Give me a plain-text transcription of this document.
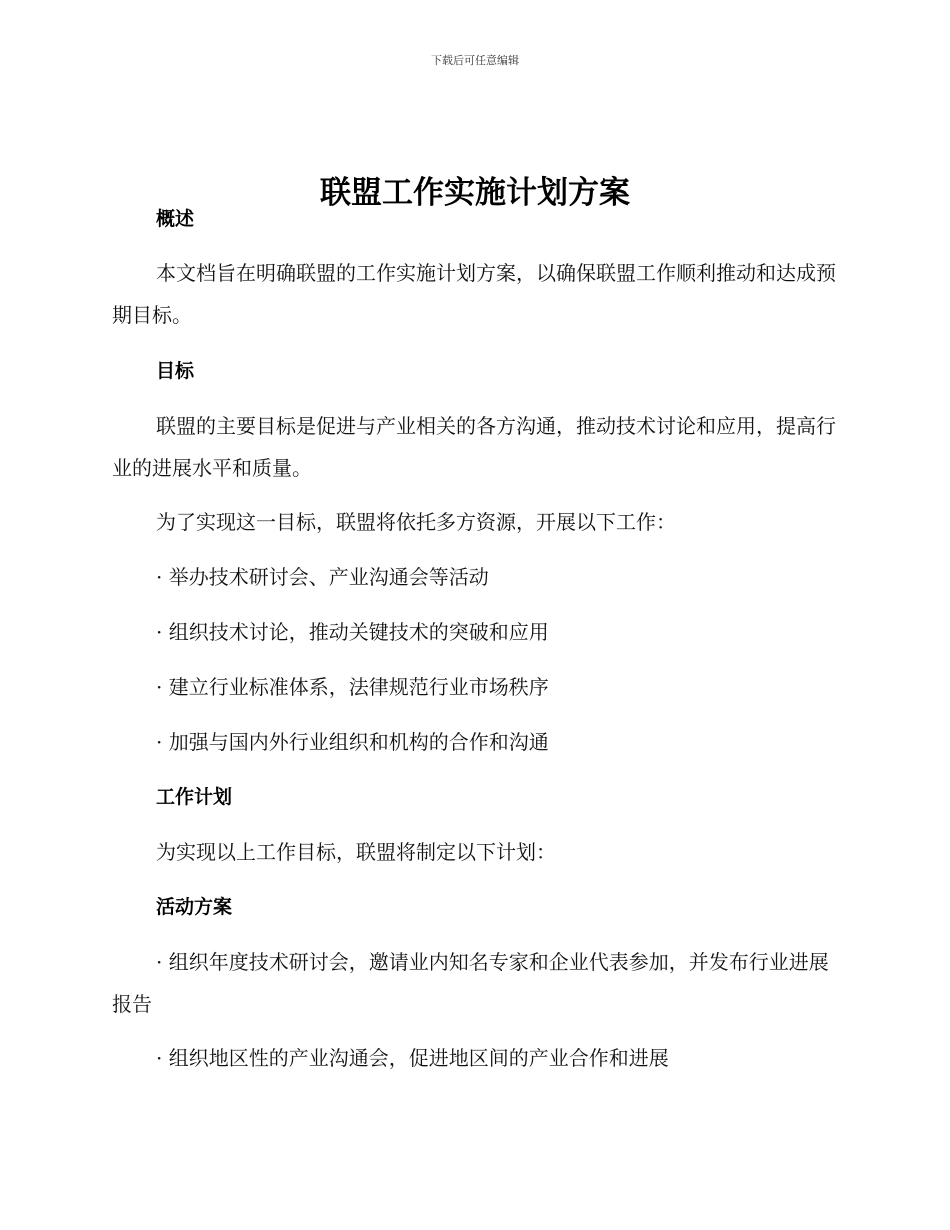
下载后可任意编辑
联盟工作实施计划方案
概述

本文档旨在明确联盟的工作实施计划方案，以确保联盟工作顺利推动和达成预期目标。

目标

联盟的主要目标是促进与产业相关的各方沟通，推动技术讨论和应用，提高行业的进展水平和质量。

为了实现这一目标，联盟将依托多方资源，开展以下工作：

· 举办技术研讨会、产业沟通会等活动

· 组织技术讨论，推动关键技术的突破和应用

· 建立行业标准体系，法律规范行业市场秩序

· 加强与国内外行业组织和机构的合作和沟通

工作计划

为实现以上工作目标，联盟将制定以下计划：

活动方案

· 组织年度技术研讨会，邀请业内知名专家和企业代表参加，并发布行业进展报告

· 组织地区性的产业沟通会，促进地区间的产业合作和进展
